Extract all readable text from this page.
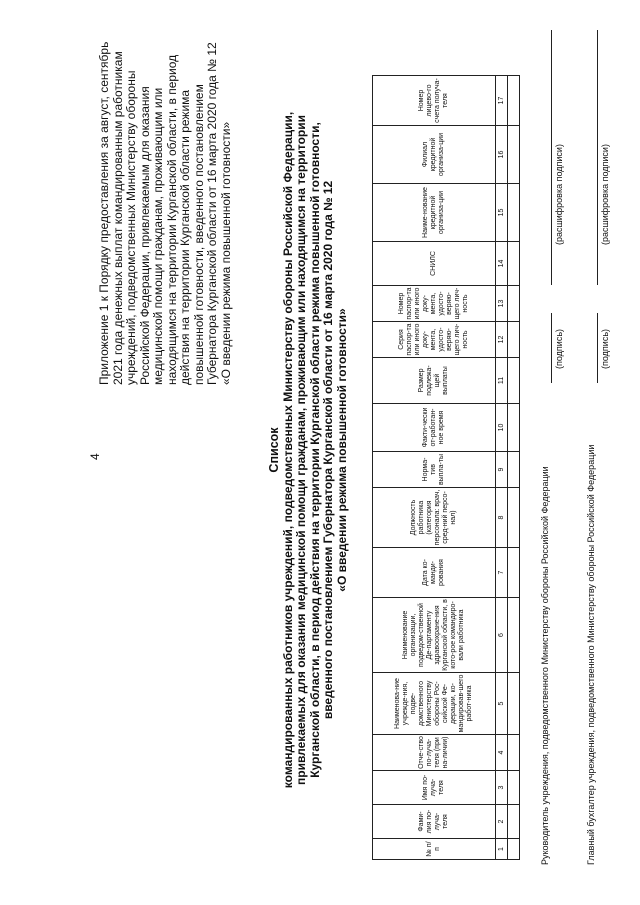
4

Приложение 1 к Порядку предоставления за август, сентябрь 2021 года денежных выплат командированным работникам учреждений, подведомственных Министерству обороны Российской Федерации, привлекаемым для оказания медицинской помощи гражданам, проживающим или находящимся на территории Курганской области, в период действия на территории Курганской области режима повышенной готовности, введенного постановлением Губернатора Курганской области от 16 марта 2020 года № 12 «О введении режима повышенной готовности»

Список командированных работников учреждений, подведомственных Министерству обороны Российской Федерации, привлекаемых для оказания медицинской помощи гражданам, проживающим или находящимся на территории Курганской области, в период действия на территории Курганской области режима повышенной готовности, введенного постановлением Губернатора Курганской области от 16 марта 2020 года № 12 «О введении режима повышенной готовности»

№ п/п	Фами-лия по-луча-теля	Имя по-луча-теля	Отче-ство по-луча-теля (при на-личии)	Наименова-ние учрежде-ния, подве-домственного Министерству обороны Рос-сийской Фе-дерации, ко-мандировав-шего работ-ника	Наименование организации, подведом-ственной Де-партаменту здравоохране-ния Курганской области, в кото-рое командиро-вали работника	Дата ко-манди-рования	Должность работника (категория персонала: врач, сред-ний персо-нал)	Норма-тив выпла-ты	Факти-чески от-работан-ное время	Размер подлежа-щей выплаты	Серия паспор-та или иного доку-мента, удосто-веряю-щего лич-ность	Номер паспор-та или иного доку-мента, удосто-веряю-щего лич-ность	СНИЛС	Наиме-нование кредитной организа-ции	Филиал кредитной организа-ции	Номер лицево-го счета получа-теля
1	2	3	4	5	6	7	8	9	10	11	12	13	14	15	16	17

Руководитель учреждения, подведомственного Министерству обороны Российской Федерации
(подпись)
(расшифровка подписи)
Главный бухгалтер учреждения, подведомственного Министерству обороны Российской Федерации
(подпись)
(расшифровка подписи)
